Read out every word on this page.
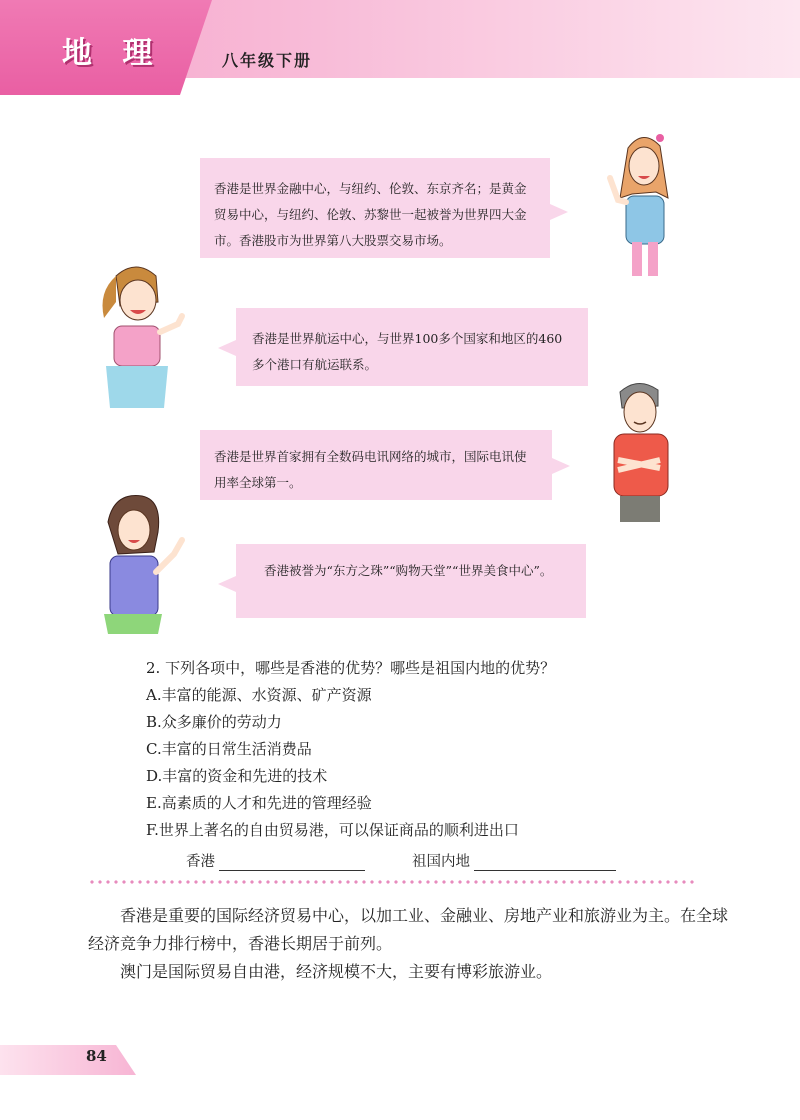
地 理	八年级下册
香港是世界金融中心，与纽约、伦敦、东京齐名；是黄金贸易中心，与纽约、伦敦、苏黎世一起被誉为世界四大金市。香港股市为世界第八大股票交易市场。
香港是世界航运中心，与世界100多个国家和地区的460多个港口有航运联系。
香港是世界首家拥有全数码电讯网络的城市，国际电讯使用率全球第一。
香港被誉为“东方之珠”“购物天堂”“世界美食中心”。
2. 下列各项中，哪些是香港的优势？哪些是祖国内地的优势？
A.丰富的能源、水资源、矿产资源
B.众多廉价的劳动力
C.丰富的日常生活消费品
D.丰富的资金和先进的技术
E.高素质的人才和先进的管理经验
F.世界上著名的自由贸易港，可以保证商品的顺利进出口
香港	祖国内地
香港是重要的国际经济贸易中心，以加工业、金融业、房地产业和旅游业为主。在全球经济竞争力排行榜中，香港长期居于前列。
澳门是国际贸易自由港，经济规模不大，主要有博彩旅游业。
84
